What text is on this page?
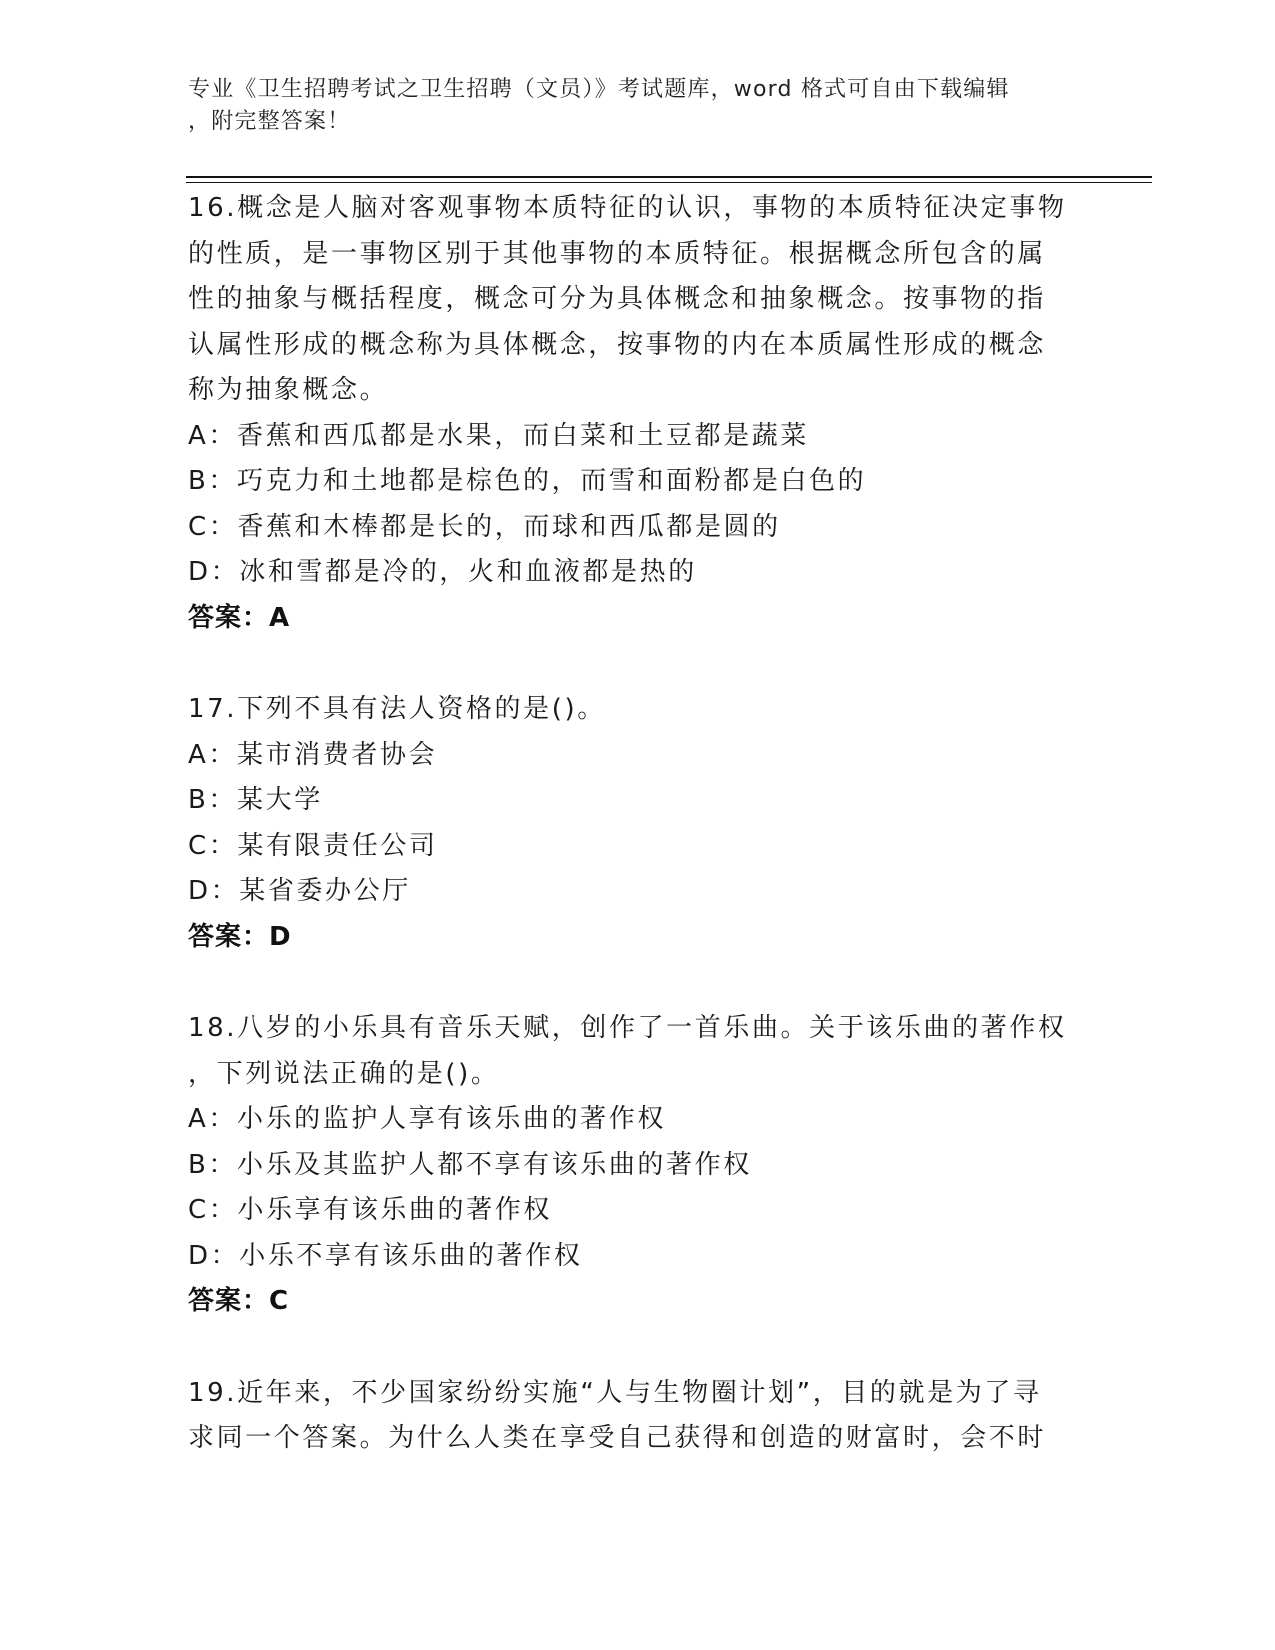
专业《卫生招聘考试之卫生招聘（文员）》考试题库，word 格式可自由下载编辑
，附完整答案！
16.概念是人脑对客观事物本质特征的认识，事物的本质特征决定事物
的性质，是一事物区别于其他事物的本质特征。根据概念所包含的属
性的抽象与概括程度，概念可分为具体概念和抽象概念。按事物的指
认属性形成的概念称为具体概念，按事物的内在本质属性形成的概念
称为抽象概念。
A：香蕉和西瓜都是水果，而白菜和土豆都是蔬菜
B：巧克力和土地都是棕色的，而雪和面粉都是白色的
C：香蕉和木棒都是长的，而球和西瓜都是圆的
D：冰和雪都是冷的，火和血液都是热的
答案：A
17.下列不具有法人资格的是()。
A：某市消费者协会
B：某大学
C：某有限责任公司
D：某省委办公厅
答案：D
18.八岁的小乐具有音乐天赋，创作了一首乐曲。关于该乐曲的著作权
，下列说法正确的是()。
A：小乐的监护人享有该乐曲的著作权
B：小乐及其监护人都不享有该乐曲的著作权
C：小乐享有该乐曲的著作权
D：小乐不享有该乐曲的著作权
答案：C
19.近年来，不少国家纷纷实施“人与生物圈计划”，目的就是为了寻
求同一个答案。为什么人类在享受自己获得和创造的财富时，会不时
